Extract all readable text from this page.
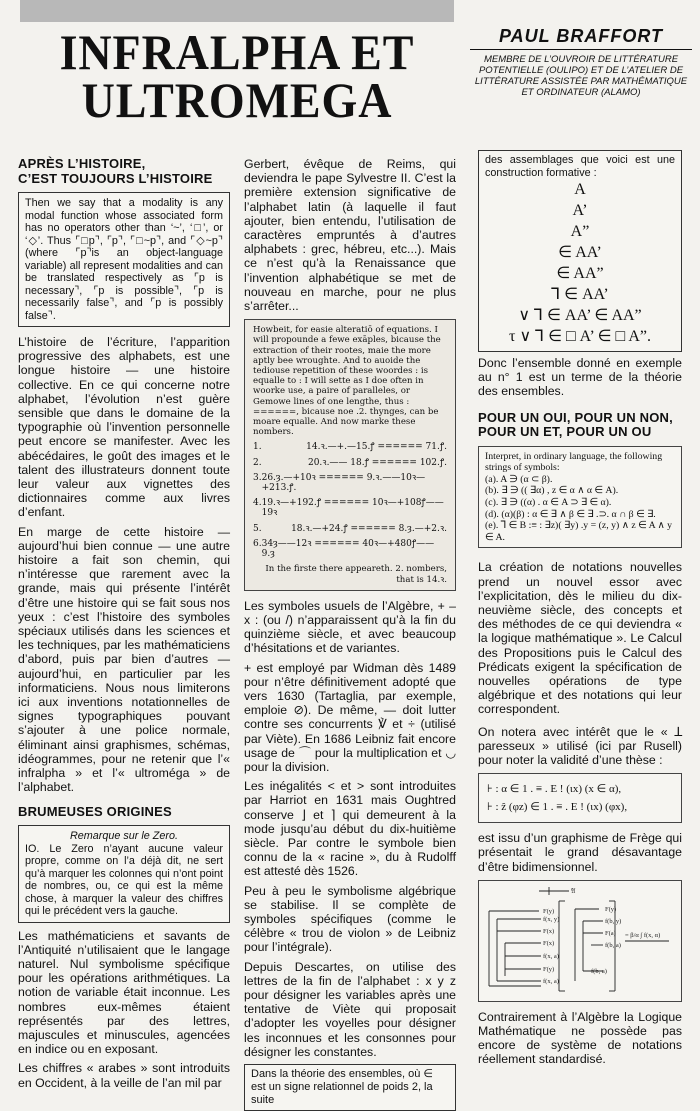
INFRALPHA ET
ULTROMEGA
PAUL BRAFFORT
MEMBRE DE L’OUVROIR DE LITTÉRATURE POTENTIELLE (OULIPO) ET DE L’ATELIER DE LITTÉRATURE ASSISTÉE PAR MATHÉMATIQUE ET ORDINATEUR (ALAMO)
APRÈS L’HISTOIRE,
C’EST TOUJOURS L’HISTOIRE

Then we say that a modality is any modal function whose associated form has no operators other than ‘~’, ‘□’, or ‘◇’. Thus ⌜□p⌝, ⌜p⌝, ⌜□~p⌝, and ⌜◇~p⌝ (where ⌜p⌝is an object-language variable) all represent modalities and can be translated respectively as ⌜p is necessary⌝, ⌜p is possible⌝, ⌜p is necessarily false⌝, and ⌜p is possibly false⌝.

L’histoire de l’écriture, l’apparition progressive des alphabets, est une longue histoire — une histoire collective. En ce qui concerne notre alphabet, l’évolution n’est guère sensible que dans le domaine de la typographie où l’invention personnelle peut encore se manifester. Avec les abécédaires, le goût des images et le talent des illustrateurs donnent toute leur valeur aux vignettes des dictionnaires comme aux livres d’enfant.

En marge de cette histoire — aujourd’hui bien connue — une autre histoire a fait son chemin, qui n’intéresse que rarement avec la grande, mais qui présente l’intérêt d’être une histoire qui se fait sous nos yeux : c’est l’histoire des symboles spéciaux utilisés dans les sciences et les techniques, par les mathématiciens d’abord, puis par bien d’autres — aujourd’hui, en particulier par les informaticiens. Nous nous limiterons ici aux inventions notationnelles de signes typographiques pouvant s’ajouter à une police normale, éliminant ainsi graphismes, schémas, idéogrammes, pour ne retenir que l’« infralpha » et l’« ultroméga » de l’alphabet.

BRUMEUSES ORIGINES
Remarque sur le Zero.

IO. Le Zero n’ayant aucune valeur propre, comme on l’a déjà dit, ne sert qu’à marquer les colonnes qui n’ont point de nombres, ou, ce qui est la même chose, à marquer la valeur des chiffres qui le précédent vers la gauche.

Les mathématiciens et savants de l’Antiquité n’utilisaient que le langage naturel. Nul symbolisme spécifique pour les opérations arithmétiques. La notion de variable était inconnue. Les nombres eux-mêmes étaient représentés par des lettres, majuscules et minuscules, agencées en indice ou en exposant.

Les chiffres « arabes » sont introduits en Occident, à la veille de l’an mil par

Gerbert, évêque de Reims, qui deviendra le pape Sylvestre II. C’est la première extension significative de l’alphabet latin (à laquelle il faut ajouter, bien entendu, l’utilisation de caractères empruntés à d’autres alphabets : grec, hébreu, etc...). Mais ce n’est qu’à la Renaissance que l’invention alphabétique se met de nouveau en marche, pour ne plus s’arrêter...

Howbeit, for easie alteratiō of equations. I will propounde a fewe exāples, bicause the extraction of their rootes, maie the more aptly bee wroughte. And to auoide the tediouse repetition of these woordes : is equalle to : I will sette as I doe often in woorke use, a paire of paralleles, or Gemowe lines of one lengthe, thus : ======, bicause noe .2. thynges, can be moare equalle. And now marke these nombers.
1.	14.ꝛ.—+.—15.ꝭ ====== 71.ꝭ.
2.	20.ꝛ.—— 18.ꝭ ====== 102.ꝭ.
3. 26.ȝ.—+10ꝛ ====== 9.ꝛ.——10ꝛ—+213.ꝭ.
4. 19.ꝛ—+192.ꝭ ====== 10ꝛ—+108ꝭ——19ꝛ
5.	18.ꝛ.—+24.ꝭ ====== 8.ȝ.—+2.ꝛ.
6. 34ȝ——12ꝛ ====== 40ꝛ—+480ꝭ——9.ȝ
In the firste there appeareth. 2. nombers, that is 14.ꝛ.

Les symboles usuels de l’Algèbre, + – x : (ou /) n’apparaissent qu’à la fin du quinzième siècle, et avec beaucoup d’hésitations et de variantes.

+ est employé par Widman dès 1489 pour n’être définitivement adopté que vers 1630 (Tartaglia, par exemple, emploie ⊘). De même, — doit lutter contre ses concurrents ℣ et ÷ (utilisé par Viète). En 1686 Leibniz fait encore usage de ⌒ pour la multiplication et ◡ pour la division.

Les inégalités < et > sont introduites par Harriot en 1631 mais Oughtred conserve ⌋ et ⌉ qui demeurent à la mode jusqu’au début du dix-huitième siècle. Par contre le symbole bien connu de la « racine », du à Rudolff est attesté dès 1526.

Peu à peu le symbolisme algébrique se stabilise. Il se complète de symboles spécifiques (comme le célèbre « trou de violon » de Leibniz pour l’intégrale).

Depuis Descartes, on utilise des lettres de la fin de l’alphabet : x y z pour désigner les variables après une tentative de Viète qui proposait d’adopter les voyelles pour désigner les inconnues et les consonnes pour désigner les constantes.

Dans la théorie des ensembles, où ∈ est un signe relationnel de poids 2, la suite

des assemblages que voici est une construction formative :

A
A’
A”
∈ AA’
∈ AA”
ꓶ ∈ AA’
∨ ꓶ ∈ AA’ ∈ AA”
τ ∨ ꓶ ∈ □ A’ ∈ □ A”.

Donc l’ensemble donné en exemple au n° 1 est un terme de la théorie des ensembles.

POUR UN OUI, POUR UN NON, POUR UN ET, POUR UN OU
Interpret, in ordinary language, the following strings of symbols:
(a). A ∋ (α ⊂ β).
(b). ∃ ∋ (( ∃α) , z ∈ α ∧ α ∈ A).
(c). ∃ ∋ ((α) . α ∈ A ⊃ ∃ ∈ α).
(d). (α)(β) : α ∈ ∃ ∧ β ∈ ∃ .⊃. α ∩ β ∈ ∃.
(e). ꓶ ∈ B :≡ : ∃z)( ∃y) .y = (z, y) ∧ z ∈ A ∧ y ∈ A.

La création de notations nouvelles prend un nouvel essor avec l’explicitation, dès le milieu du dix-neuvième siècle, des concepts et des méthodes de ce qui deviendra « la logique mathématique ». Le Calcul des Propositions puis le Calcul des Prédicats exigent la spécification de nouvelles opérations de type algébrique et des notations qui leur correspondent.

On notera avec intérêt que le « ꓕ paresseux » utilisé (ici par Rusell) pour noter la validité d’une thèse :

⊦ : α ∈ 1 . ≡ . E ! (ιx) (x ∈ α),
⊦ : ẑ (φz) ∈ 1 . ≡ . E ! (ιx) (φx),

est issu d’un graphisme de Frège qui présentait le grand désavantage d’être bidimensionnel.

𝔄
F(y)
f(x, y)
F(x)
F(x)
f(x, a)
F(y)
f(x, a)
F(y)
f(b, y)
F(a)
f(b, a)
f(b, a)
= β/α ∫ f(x, α)

Contrairement à l’Algèbre la Logique Mathématique ne possède pas encore de système de notations réellement standardisé.
